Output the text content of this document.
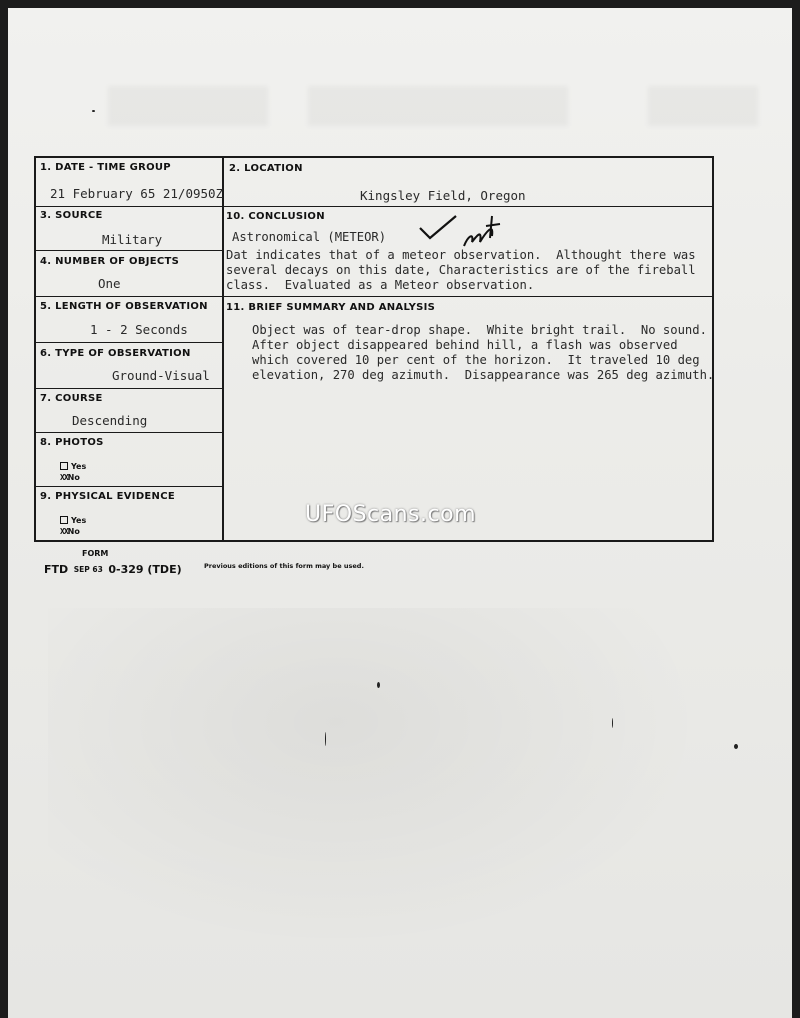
1. DATE - TIME GROUP
21 February 65 21/0950Z
2. LOCATION
Kingsley Field, Oregon
3. SOURCE
Military
10. CONCLUSION
Astronomical (METEOR)
Dat indicates that of a meteor observation.  Althought there was
several decays on this date, Characteristics are of the fireball
class.  Evaluated as a Meteor observation.
4. NUMBER OF OBJECTS
One
5. LENGTH OF OBSERVATION
1 - 2 Seconds
11. BRIEF SUMMARY AND ANALYSIS
Object was of tear-drop shape.  White bright trail.  No sound.
After object disappeared behind hill, a flash was observed
which covered 10 per cent of the horizon.  It traveled 10 deg
elevation, 270 deg azimuth.  Disappearance was 265 deg azimuth.
6. TYPE OF OBSERVATION
Ground-Visual
7. COURSE
Descending
8. PHOTOS
Yes
XXNo
9. PHYSICAL EVIDENCE
Yes
XXNo
FORM
FTD SEP 63 0-329 (TDE)	Previous editions of this form may be used.
UFOScans.com
